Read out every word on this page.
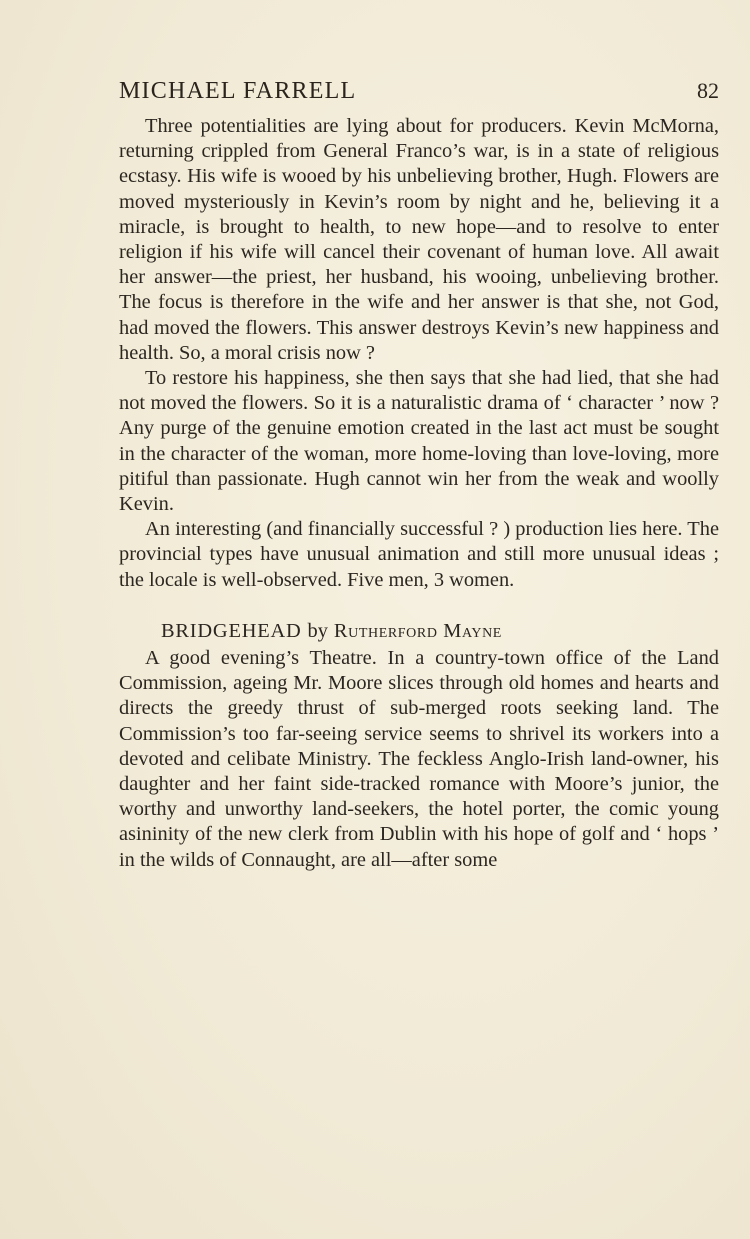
MICHAEL FARRELL	82

Three potentialities are lying about for producers. Kevin McMorna, returning crippled from General Franco’s war, is in a state of religious ecstasy. His wife is wooed by his unbelieving brother, Hugh. Flowers are moved mysteriously in Kevin’s room by night and he, believing it a miracle, is brought to health, to new hope—and to resolve to enter religion if his wife will cancel their covenant of human love. All await her answer—the priest, her husband, his wooing, unbelieving brother. The focus is therefore in the wife and her answer is that she, not God, had moved the flowers. This answer destroys Kevin’s new happiness and health. So, a moral crisis now ?

To restore his happiness, she then says that she had lied, that she had not moved the flowers. So it is a naturalistic drama of ‘ character ’ now ? Any purge of the genuine emotion created in the last act must be sought in the character of the woman, more home-loving than love-loving, more pitiful than passionate. Hugh cannot win her from the weak and woolly Kevin.

An interesting (and financially successful ? ) production lies here. The provincial types have unusual animation and still more unusual ideas ; the locale is well-observed. Five men, 3 women.

BRIDGEHEAD by Rutherford Mayne

A good evening’s Theatre. In a country-town office of the Land Commission, ageing Mr. Moore slices through old homes and hearts and directs the greedy thrust of sub-merged roots seeking land. The Commission’s too far-seeing service seems to shrivel its workers into a devoted and celibate Ministry. The feckless Anglo-Irish land-owner, his daughter and her faint side-tracked romance with Moore’s junior, the worthy and unworthy land-seekers, the hotel porter, the comic young asininity of the new clerk from Dublin with his hope of golf and ‘ hops ’ in the wilds of Connaught, are all—after some
